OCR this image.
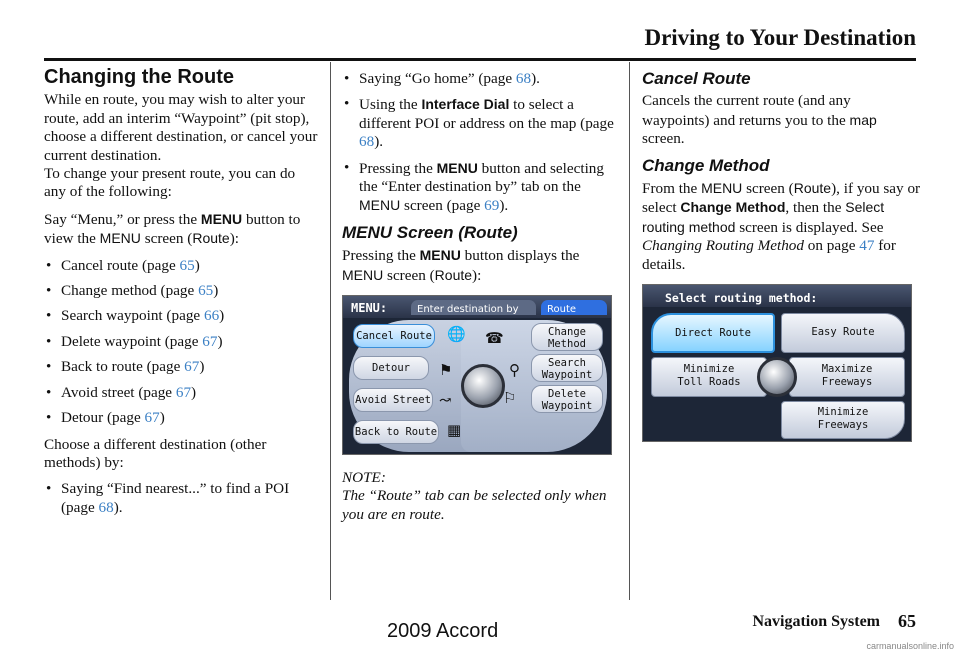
Driving to Your Destination
Changing the Route

While en route, you may wish to alter your route, add an interim “Waypoint” (pit stop), choose a different destination, or cancel your current destination.
To change your present route, you can do any of the following:

Say “Menu,” or press the MENU button to view the MENU screen (Route):

• Cancel route (page 65)
• Change method (page 65)
• Search waypoint (page 66)
• Delete waypoint (page 67)
• Back to route (page 67)
• Avoid street (page 67)
• Detour (page 67)

Choose a different destination (other methods) by:

• Saying “Find nearest...” to find a POI (page 68).
• Saying “Go home” (page 68).
• Using the Interface Dial to select a different POI or address on the map (page 68).
• Pressing the MENU button and selecting the “Enter destination by” tab on the MENU screen (page 69).
MENU Screen (Route)

Pressing the MENU button displays the MENU screen (Route):

MENU:	Enter destination by	Route
Cancel Route
Detour
Avoid Street
Back to Route
Change
Method
Search
Waypoint
Delete
Waypoint
🌐 ☎
⚑	⚲
↝	⚐
▦

NOTE:
The “Route” tab can be selected only when you are en route.

Cancel Route

Cancels the current route (and any waypoints) and returns you to the map screen.

Change Method

From the MENU screen (Route), if you say or select Change Method, then the Select routing method screen is displayed. See Changing Routing Method on page 47 for details.

Select routing method:
Direct Route	Easy Route
Minimize
Toll Roads
Maximize
Freeways
Minimize
Freeways
Navigation System 65
2009 Accord
carmanualsonline.info
